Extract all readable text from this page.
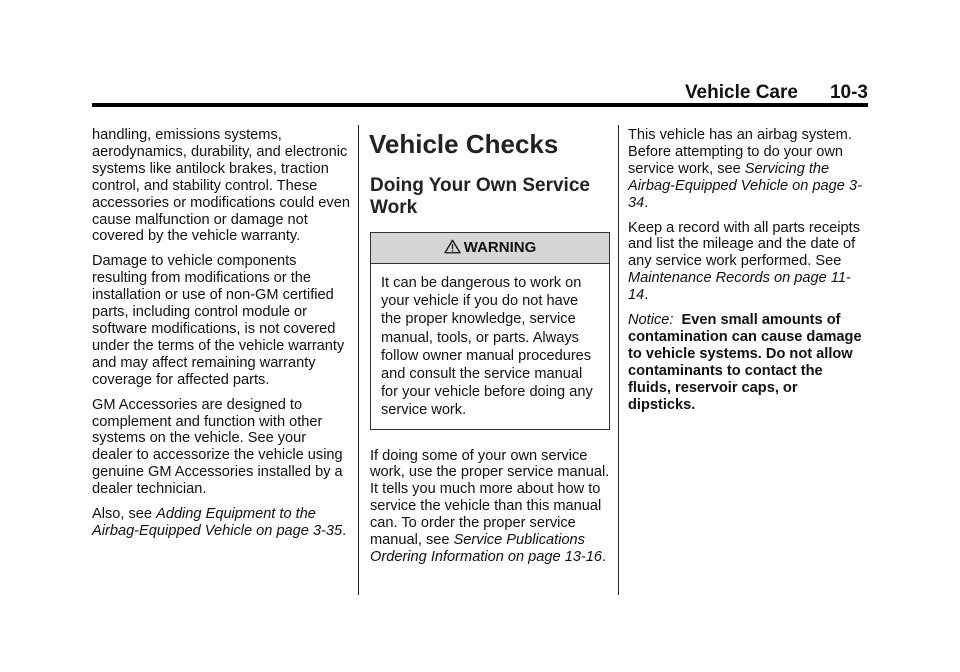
Vehicle Care 10-3

handling, emissions systems, aerodynamics, durability, and electronic systems like antilock brakes, traction control, and stability control. These accessories or modifications could even cause malfunction or damage not covered by the vehicle warranty.

Damage to vehicle components resulting from modifications or the installation or use of non-GM certified parts, including control module or software modifications, is not covered under the terms of the vehicle warranty and may affect remaining warranty coverage for affected parts.

GM Accessories are designed to complement and function with other systems on the vehicle. See your dealer to accessorize the vehicle using genuine GM Accessories installed by a dealer technician.

Also, see Adding Equipment to the Airbag-Equipped Vehicle on page 3-35.

Vehicle Checks
Doing Your Own Service Work
WARNING
It can be dangerous to work on your vehicle if you do not have the proper knowledge, service manual, tools, or parts. Always follow owner manual procedures and consult the service manual for your vehicle before doing any service work.

If doing some of your own service work, use the proper service manual. It tells you much more about how to service the vehicle than this manual can. To order the proper service manual, see Service Publications Ordering Information on page 13-16.

This vehicle has an airbag system. Before attempting to do your own service work, see Servicing the Airbag-Equipped Vehicle on page 3-34.

Keep a record with all parts receipts and list the mileage and the date of any service work performed. See Maintenance Records on page 11-14.

Notice: Even small amounts of contamination can cause damage to vehicle systems. Do not allow contaminants to contact the fluids, reservoir caps, or dipsticks.
